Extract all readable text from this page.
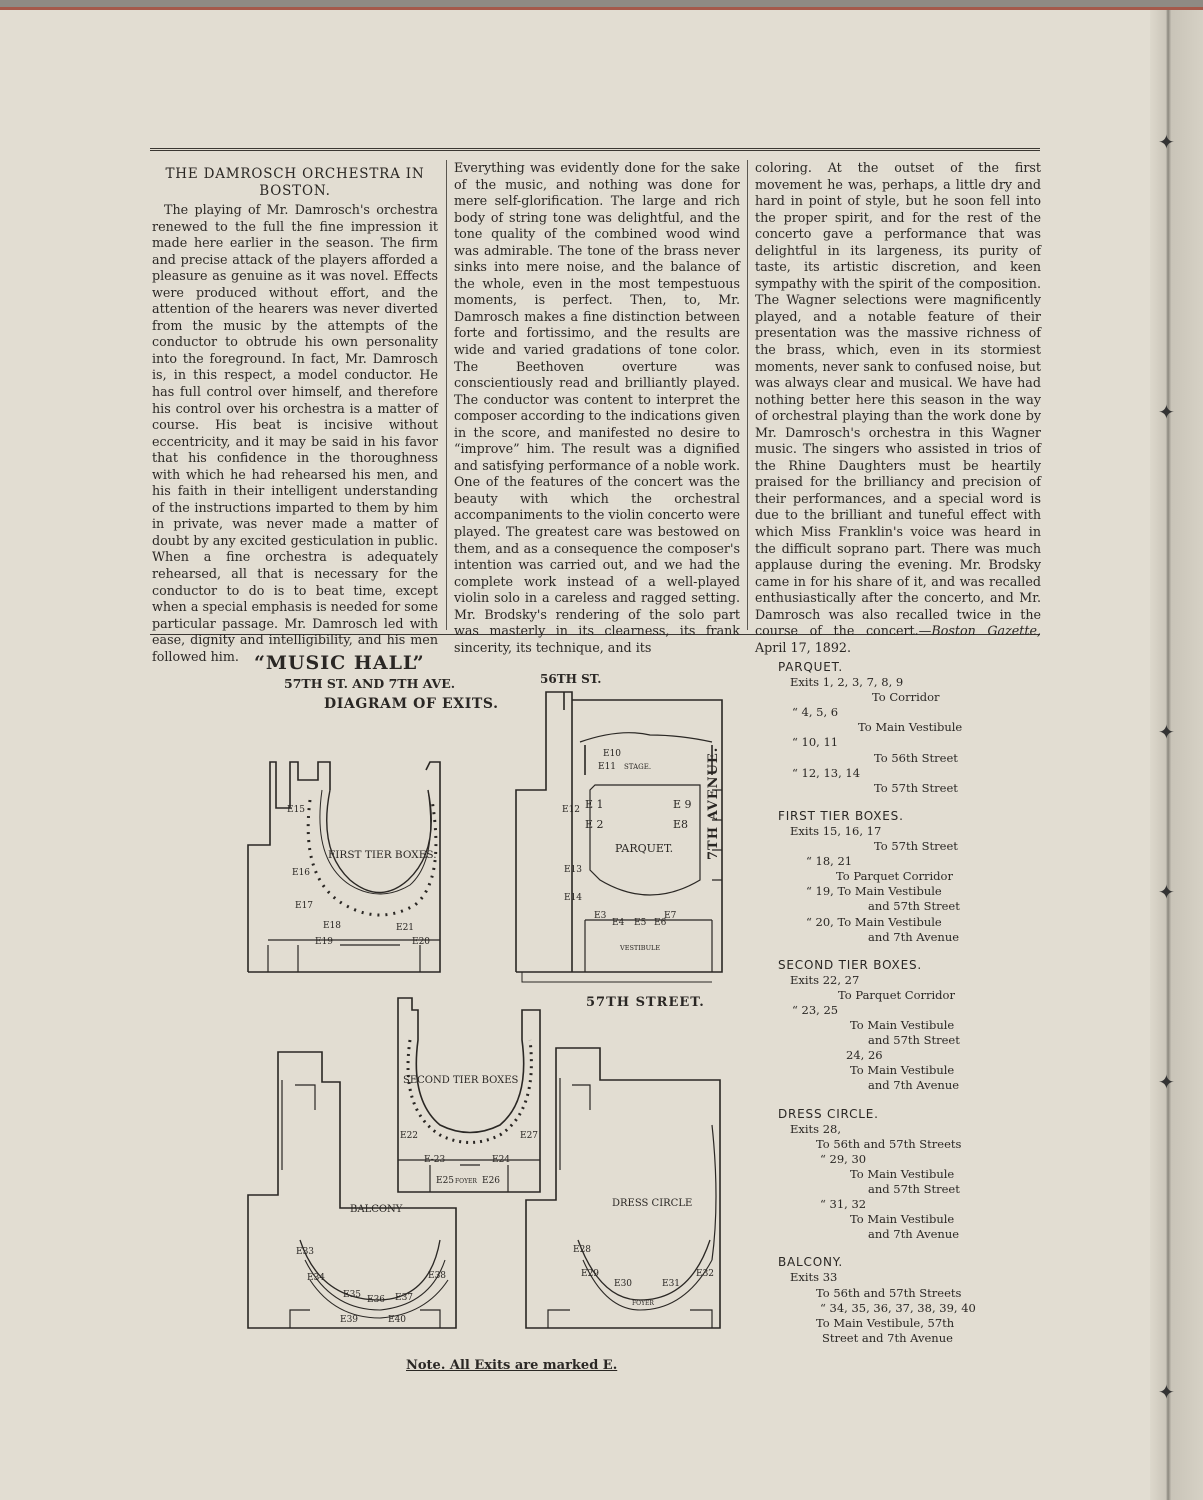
✦
✦
✦
✦
✦
✦
THE DAMROSCH ORCHESTRA IN BOSTON.

The playing of Mr. Damrosch's orchestra renewed to the full the fine impression it made here earlier in the season. The firm and precise attack of the players afforded a pleasure as genuine as it was novel. Effects were produced without effort, and the attention of the hearers was never diverted from the music by the attempts of the conductor to obtrude his own personality into the foreground. In fact, Mr. Damrosch is, in this respect, a model conductor. He has full control over himself, and therefore his control over his orchestra is a matter of course. His beat is incisive without eccentricity, and it may be said in his favor that his confidence in the thoroughness with which he had rehearsed his men, and his faith in their intelligent understanding of the instructions imparted to them by him in private, was never made a matter of doubt by any excited gesticulation in public. When a fine orchestra is adequately rehearsed, all that is necessary for the conductor to do is to beat time, except when a special emphasis is needed for some particular passage. Mr. Damrosch led with ease, dignity and intelligibility, and his men followed him.

Everything was evidently done for the sake of the music, and nothing was done for mere self-glorification. The large and rich body of string tone was delightful, and the tone quality of the combined wood wind was admirable. The tone of the brass never sinks into mere noise, and the balance of the whole, even in the most tempestuous moments, is perfect. Then, to, Mr. Damrosch makes a fine distinction between forte and fortissimo, and the results are wide and varied gradations of tone color. The Beethoven overture was conscientiously read and brilliantly played. The conductor was content to interpret the composer according to the indications given in the score, and manifested no desire to “improve” him. The result was a dignified and satisfying performance of a noble work. One of the features of the concert was the beauty with which the orchestral accompaniments to the violin concerto were played. The greatest care was bestowed on them, and as a consequence the composer's intention was carried out, and we had the complete work instead of a well-played violin solo in a careless and ragged setting. Mr. Brodsky's rendering of the solo part was masterly in its clearness, its frank sincerity, its technique, and its

coloring. At the outset of the first movement he was, perhaps, a little dry and hard in point of style, but he soon fell into the proper spirit, and for the rest of the concerto gave a performance that was delightful in its largeness, its purity of taste, its artistic discretion, and keen sympathy with the spirit of the composition. The Wagner selections were magnificently played, and a notable feature of their presentation was the massive richness of the brass, which, even in its stormiest moments, never sank to confused noise, but was always clear and musical. We have had nothing better here this season in the way of orchestral playing than the work done by Mr. Damrosch's orchestra in this Wagner music. The singers who assisted in trios of the Rhine Daughters must be heartily praised for the brilliancy and precision of their performances, and a special word is due to the brilliant and tuneful effect with which Miss Franklin's voice was heard in the difficult soprano part. There was much applause during the evening. Mr. Brodsky came in for his share of it, and was recalled enthusiastically after the concerto, and Mr. Damrosch was also recalled twice in the course of the concert.—Boston Gazette, April 17, 1892.

“MUSIC HALL”
57TH ST. AND 7TH AVE.
DIAGRAM OF EXITS.
56TH ST.
57TH STREET.
7TH AVENUE.
Note. All Exits are marked E.
E15
E16
E17
E18
E19	E20
E21
FIRST TIER BOXES.
E10
E11 STAGE.
E12 E 1
E 2
E 9
E8
E13
E14
E3
E4 E5 E6
E7
PARQUET.
VESTIBULE
E22
E-23	E24
E25	E26
E27
SECOND TIER BOXES
FOYER
E33
E34
E35 E36 E37
E38
E39	E40
BALCONY
E28
E29
E30	E31
E32
DRESS CIRCLE
FOYER
PARQUET.
Exits 1, 2, 3, 7, 8, 9
To Corridor
“ 4, 5, 6
To Main Vestibule
“ 10, 11
To 56th Street
“ 12, 13, 14
To 57th Street
FIRST TIER BOXES.
Exits 15, 16, 17
To 57th Street
“ 18, 21
To Parquet Corridor
“ 19, To Main Vestibule
and 57th Street
“ 20, To Main Vestibule
and 7th Avenue
SECOND TIER BOXES.
Exits 22, 27
To Parquet Corridor
“ 23, 25
To Main Vestibule
and 57th Street
24, 26
To Main Vestibule
and 7th Avenue
DRESS CIRCLE.
Exits 28,
To 56th and 57th Streets
“ 29, 30
To Main Vestibule
and 57th Street
“ 31, 32
To Main Vestibule
and 7th Avenue
BALCONY.
Exits 33
To 56th and 57th Streets
“ 34, 35, 36, 37, 38, 39, 40
To Main Vestibule, 57th
Street and 7th Avenue
